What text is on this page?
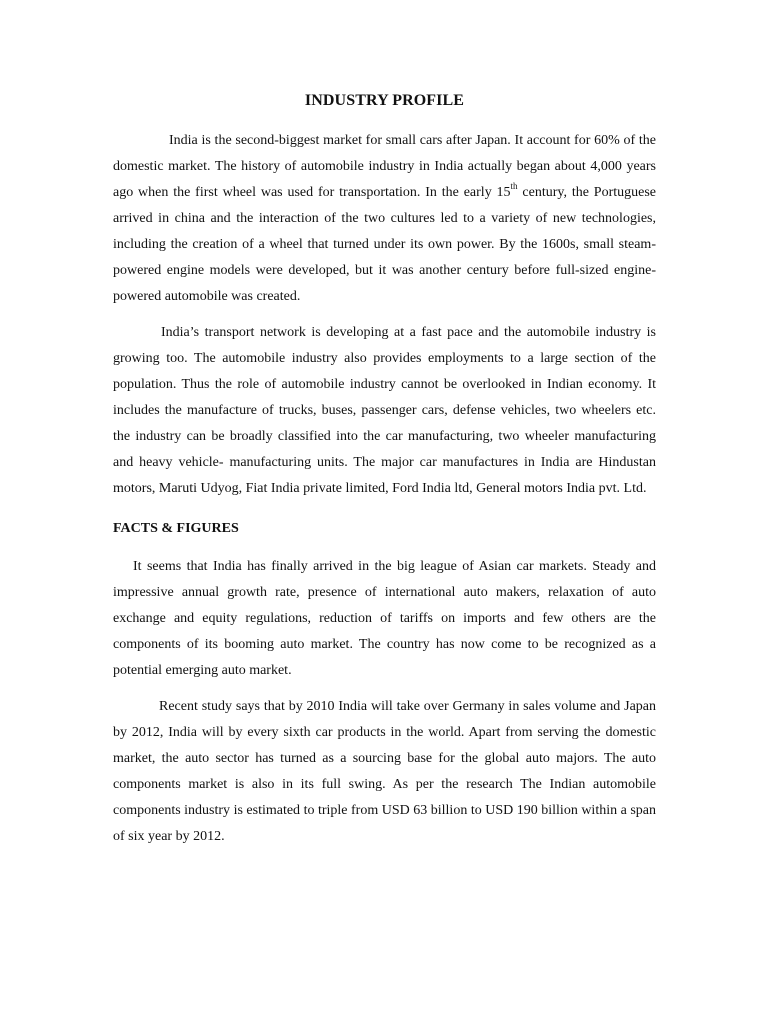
INDUSTRY PROFILE

India is the second-biggest market for small cars after Japan. It account for 60% of the domestic market. The history of automobile industry in India actually began about 4,000 years ago when the first wheel was used for transportation. In the early 15th century, the Portuguese arrived in china and the interaction of the two cultures led to a variety of new technologies, including the creation of a wheel that turned under its own power. By the 1600s, small steam- powered engine models were developed, but it was another century before full-sized engine-powered automobile was created.

India’s transport network is developing at a fast pace and the automobile industry is growing too. The automobile industry also provides employments to a large section of the population. Thus the role of automobile industry cannot be overlooked in Indian economy. It includes the manufacture of trucks, buses, passenger cars, defense vehicles, two wheelers etc. the industry can be broadly classified into the car manufacturing, two wheeler manufacturing and heavy vehicle- manufacturing units. The major car manufactures in India are Hindustan motors, Maruti Udyog, Fiat India private limited, Ford India ltd, General motors India pvt. Ltd.

FACTS & FIGURES

It seems that India has finally arrived in the big league of Asian car markets. Steady and impressive annual growth rate, presence of international auto makers, relaxation of auto exchange and equity regulations, reduction of tariffs on imports and few others are the components of its booming auto market. The country has now come to be recognized as a potential emerging auto market.

Recent study says that by 2010 India will take over Germany in sales volume and Japan by 2012, India will by every sixth car products in the world. Apart from serving the domestic market, the auto sector has turned as a sourcing base for the global auto majors. The auto components market is also in its full swing. As per the research The Indian automobile components industry is estimated to triple from USD 63 billion to USD 190 billion within a span of six year by 2012.
